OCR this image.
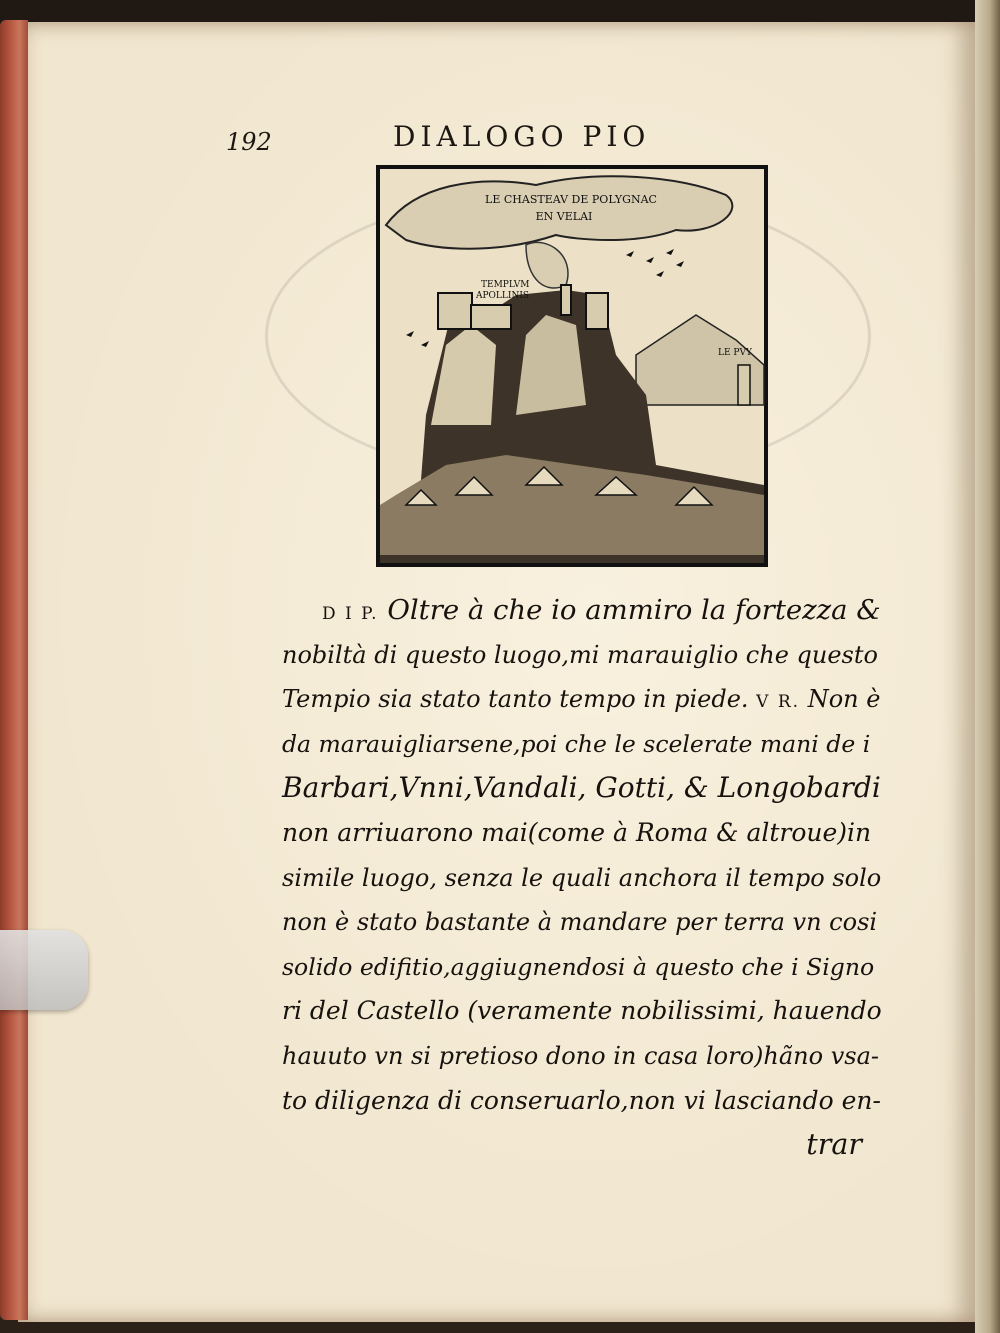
192	DIALOGO PIO
LE CHASTEAV DE POLYGNAC
EN VELAI
TEMPLVM
APOLLINIS
LE PVY
D I P. Oltre à che io ammiro la fortezza &
nobiltà di questo luogo,mi marauiglio che questo
Tempio sia stato tanto tempo in piede. V R. Non è
da marauigliarsene,poi che le scelerate mani de i
Barbari,Vnni,Vandali, Gotti, & Longobardi
non arriuarono mai(come à Roma & altroue)in
simile luogo, senza le quali anchora il tempo solo
non è stato bastante à mandare per terra vn cosi
solido edifitio,aggiugnendosi à questo che i Signo
ri del Castello (veramente nobilissimi, hauendo
hauuto vn si pretioso dono in casa loro)hãno vsa-
to diligenza di conseruarlo,non vi lasciando en-
trar
